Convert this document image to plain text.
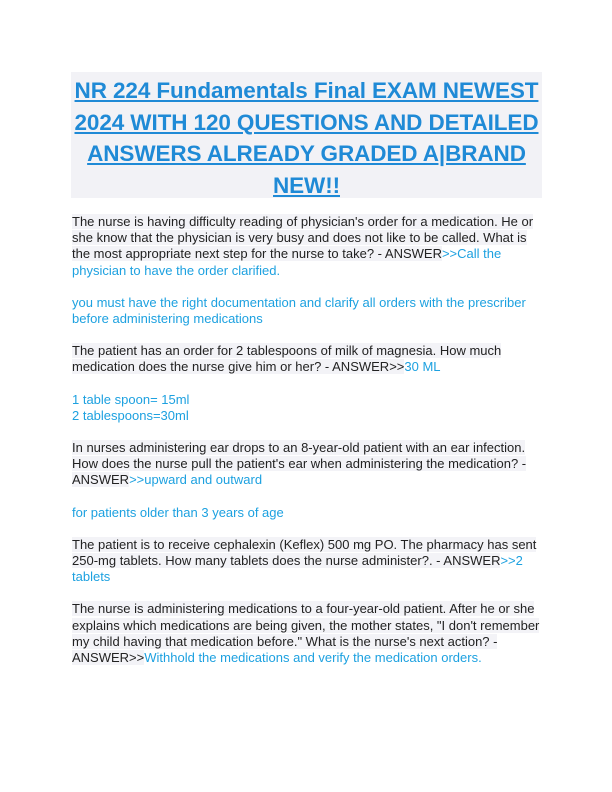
NR 224 Fundamentals Final EXAM NEWEST 2024 WITH 120 QUESTIONS AND DETAILED ANSWERS ALREADY GRADED A|BRAND NEW!!

The nurse is having difficulty reading of physician's order for a medication. He or she know that the physician is very busy and does not like to be called. What is the most appropriate next step for the nurse to take? - ANSWER>>Call the physician to have the order clarified.

you must have the right documentation and clarify all orders with the prescriber before administering medications

The patient has an order for 2 tablespoons of milk of magnesia. How much medication does the nurse give him or her? - ANSWER>>30 ML

1 table spoon= 15ml
2 tablespoons=30ml

In nurses administering ear drops to an 8-year-old patient with an ear infection. How does the nurse pull the patient's ear when administering the medication? - ANSWER>>upward and outward

for patients older than 3 years of age

The patient is to receive cephalexin (Keflex) 500 mg PO. The pharmacy has sent 250-mg tablets. How many tablets does the nurse administer?. - ANSWER>>2 tablets

The nurse is administering medications to a four-year-old patient. After he or she explains which medications are being given, the mother states, "I don't remember my child having that medication before." What is the nurse's next action? - ANSWER>>Withhold the medications and verify the medication orders.
